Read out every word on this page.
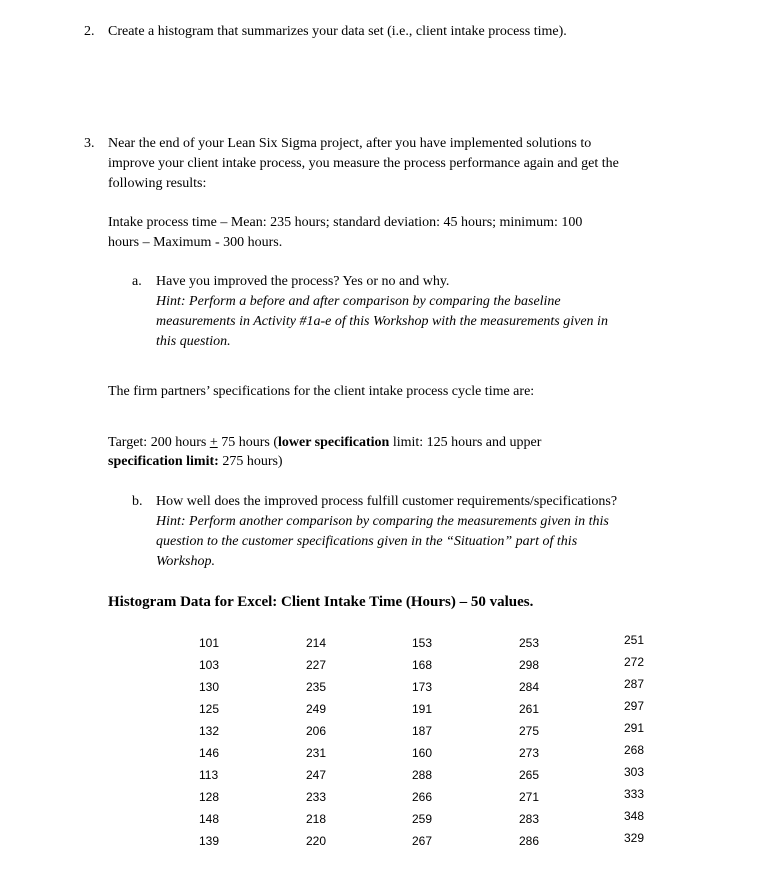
2. Create a histogram that summarizes your data set (i.e., client intake process time).
3. Near the end of your Lean Six Sigma project, after you have implemented solutions to
improve your client intake process, you measure the process performance again and get the
following results:
Intake process time – Mean: 235 hours; standard deviation: 45 hours; minimum: 100
hours – Maximum - 300 hours.
a.	Have you improved the process? Yes or no and why.
Hint: Perform a before and after comparison by comparing the baseline
measurements in Activity #1a-e of this Workshop with the measurements given in
this question.
The firm partners’ specifications for the client intake process cycle time are:
Target: 200 hours + 75 hours (lower specification limit: 125 hours and upper
specification limit: 275 hours)
b. How well does the improved process fulfill customer requirements/specifications?
Hint: Perform another comparison by comparing the measurements given in this
question to the customer specifications given in the “Situation” part of this
Workshop.
Histogram Data for Excel: Client Intake Time (Hours) – 50 values.
101
103
130
125
132
146
113
128
148
139
214
227
235
249
206
231
247
233
218
220
153
168
173
191
187
160
288
266
259
267
253
298
284
261
275
273
265
271
283
286
251
272
287
297
291
268
303
333
348
329
